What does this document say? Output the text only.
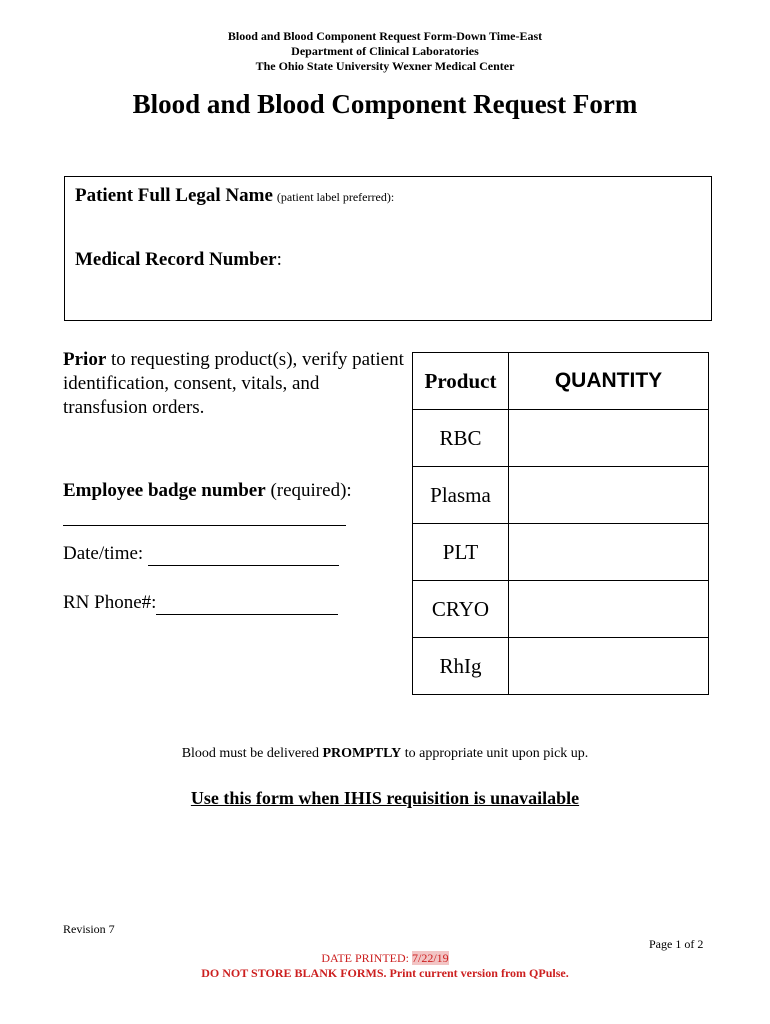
Blood and Blood Component Request Form-Down Time-East
Department of Clinical Laboratories
The Ohio State University Wexner Medical Center
Blood and Blood Component Request Form
Patient Full Legal Name (patient label preferred):
Medical Record Number:
Prior to requesting product(s), verify patient identification, consent, vitals, and transfusion orders.
Employee badge number (required):
Date/time:
RN Phone#:
Product	QUANTITY
RBC	
Plasma	
PLT	
CRYO	
RhIg	
Blood must be delivered PROMPTLY to appropriate unit upon pick up.
Use this form when IHIS requisition is unavailable
Revision 7
Page 1 of 2
DATE PRINTED: 7/22/19
DO NOT STORE BLANK FORMS. Print current version from QPulse.
